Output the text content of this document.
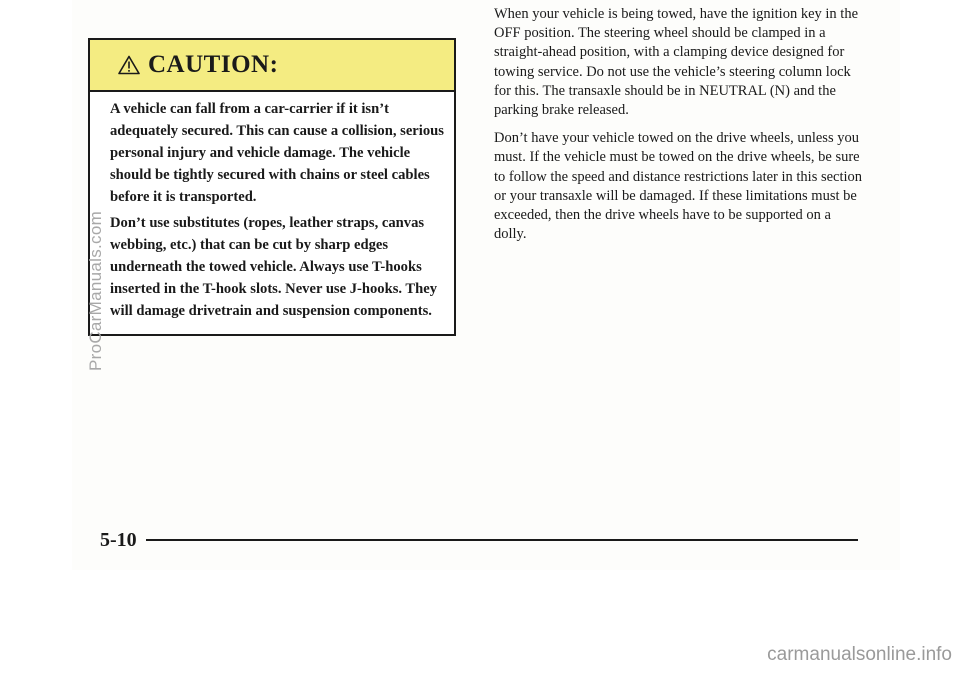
CAUTION:

A vehicle can fall from a car-carrier if it isn’t adequately secured. This can cause a collision, serious personal injury and vehicle damage. The vehicle should be tightly secured with chains or steel cables before it is transported.

Don’t use substitutes (ropes, leather straps, canvas webbing, etc.) that can be cut by sharp edges underneath the towed vehicle. Always use T-hooks inserted in the T-hook slots. Never use J-hooks. They will damage drivetrain and suspension components.

When your vehicle is being towed, have the ignition key in the OFF position. The steering wheel should be clamped in a straight-ahead position, with a clamping device designed for towing service. Do not use the vehicle’s steering column lock for this. The transaxle should be in NEUTRAL (N) and the parking brake released.

Don’t have your vehicle towed on the drive wheels, unless you must. If the vehicle must be towed on the drive wheels, be sure to follow the speed and distance restrictions later in this section or your transaxle will be damaged. If these limitations must be exceeded, then the drive wheels have to be supported on a dolly.

5-10
ProCarManuals.com
carmanualsonline.info
